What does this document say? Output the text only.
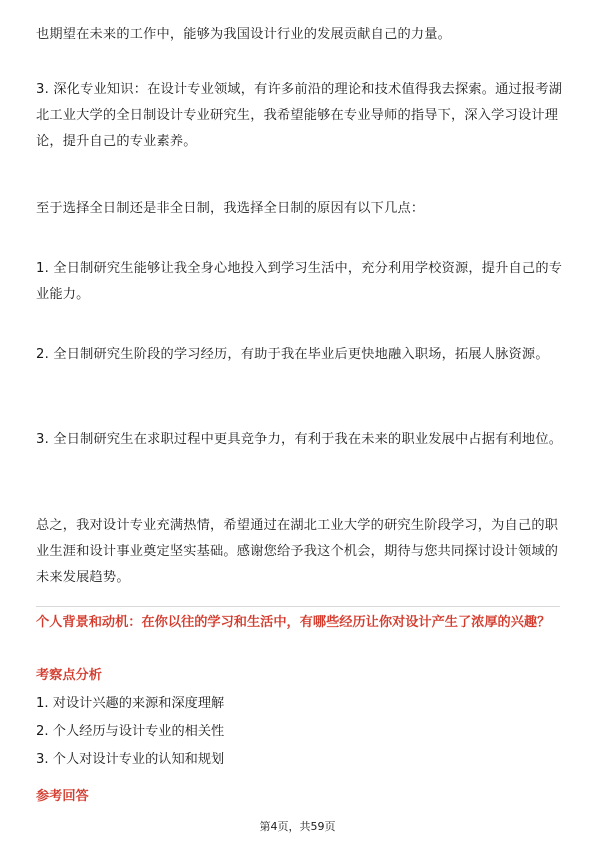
也期望在未来的工作中，能够为我国设计行业的发展贡献自己的力量。

3. 深化专业知识：在设计专业领域，有许多前沿的理论和技术值得我去探索。通过报考湖北工业大学的全日制设计专业研究生，我希望能够在专业导师的指导下，深入学习设计理论，提升自己的专业素养。

至于选择全日制还是非全日制，我选择全日制的原因有以下几点：

1. 全日制研究生能够让我全身心地投入到学习生活中，充分利用学校资源，提升自己的专业能力。

2. 全日制研究生阶段的学习经历，有助于我在毕业后更快地融入职场，拓展人脉资源。

3. 全日制研究生在求职过程中更具竞争力，有利于我在未来的职业发展中占据有利地位。

总之，我对设计专业充满热情，希望通过在湖北工业大学的研究生阶段学习，为自己的职业生涯和设计事业奠定坚实基础。感谢您给予我这个机会，期待与您共同探讨设计领域的未来发展趋势。

个人背景和动机：在你以往的学习和生活中，有哪些经历让你对设计产生了浓厚的兴趣？

考察点分析

1. 对设计兴趣的来源和深度理解

2. 个人经历与设计专业的相关性

3. 个人对设计专业的认知和规划

参考回答

第4页，共59页
